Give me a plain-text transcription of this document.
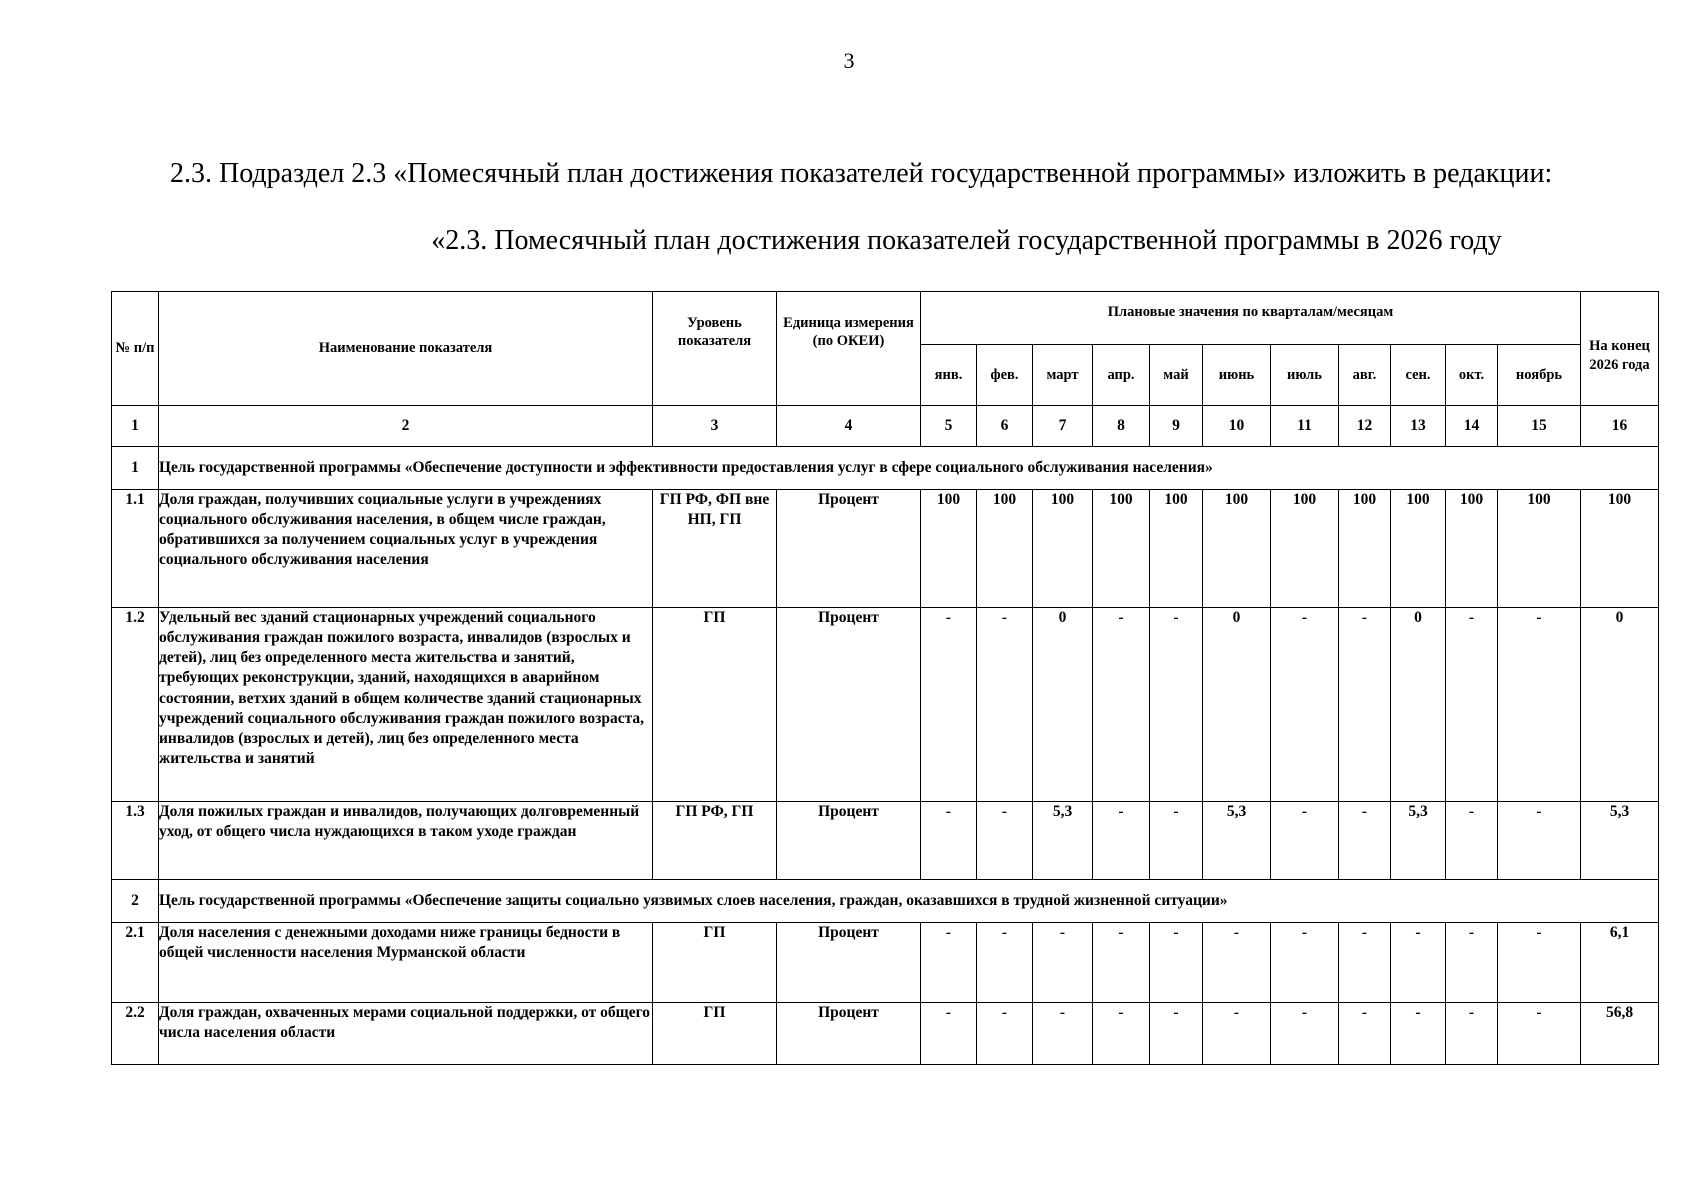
3
2.3. Подраздел 2.3 «Помесячный план достижения показателей государственной программы» изложить в редакции:
«2.3. Помесячный план достижения показателей государственной программы в 2026 году
№ п/п	Наименование показателя	Уровень показателя	Единица измерения (по ОКЕИ)	Плановые значения по кварталам/месяцам											На конец 2026 года
				янв.	фев.	март	апр.	май	июнь	июль	авг.	сен.	окт.	ноябрь	
1	2	3	4	5	6	7	8	9	10	11	12	13	14	15	16
1	Цель государственной программы «Обеспечение доступности и эффективности предоставления услуг в сфере социального обслуживания населения»														
1.1	Доля граждан, получивших социальные услуги в учреждениях социального обслуживания населения, в общем числе граждан, обратившихся за получением социальных услуг в учреждения социального обслуживания населения	ГП РФ, ФП вне НП, ГП	Процент	100	100	100	100	100	100	100	100	100	100	100	100
1.2	Удельный вес зданий стационарных учреждений социального обслуживания граждан пожилого возраста, инвалидов (взрослых и детей), лиц без определенного места жительства и занятий, требующих реконструкции, зданий, находящихся в аварийном состоянии, ветхих зданий в общем количестве зданий стационарных учреждений социального обслуживания граждан пожилого возраста, инвалидов (взрослых и детей), лиц без определенного места жительства и занятий	ГП	Процент	-	-	0	-	-	0	-	-	0	-	-	0
1.3	Доля пожилых граждан и инвалидов, получающих долговременный уход, от общего числа нуждающихся в таком уходе граждан	ГП РФ, ГП	Процент	-	-	5,3	-	-	5,3	-	-	5,3	-	-	5,3
2	Цель государственной программы «Обеспечение защиты социально уязвимых слоев населения, граждан, оказавшихся в трудной жизненной ситуации»														
2.1	Доля населения с денежными доходами ниже границы бедности в общей численности населения Мурманской области	ГП	Процент	-	-	-	-	-	-	-	-	-	-	-	6,1
2.2	Доля граждан, охваченных мерами социальной поддержки, от общего числа населения области	ГП	Процент	-	-	-	-	-	-	-	-	-	-	-	56,8
